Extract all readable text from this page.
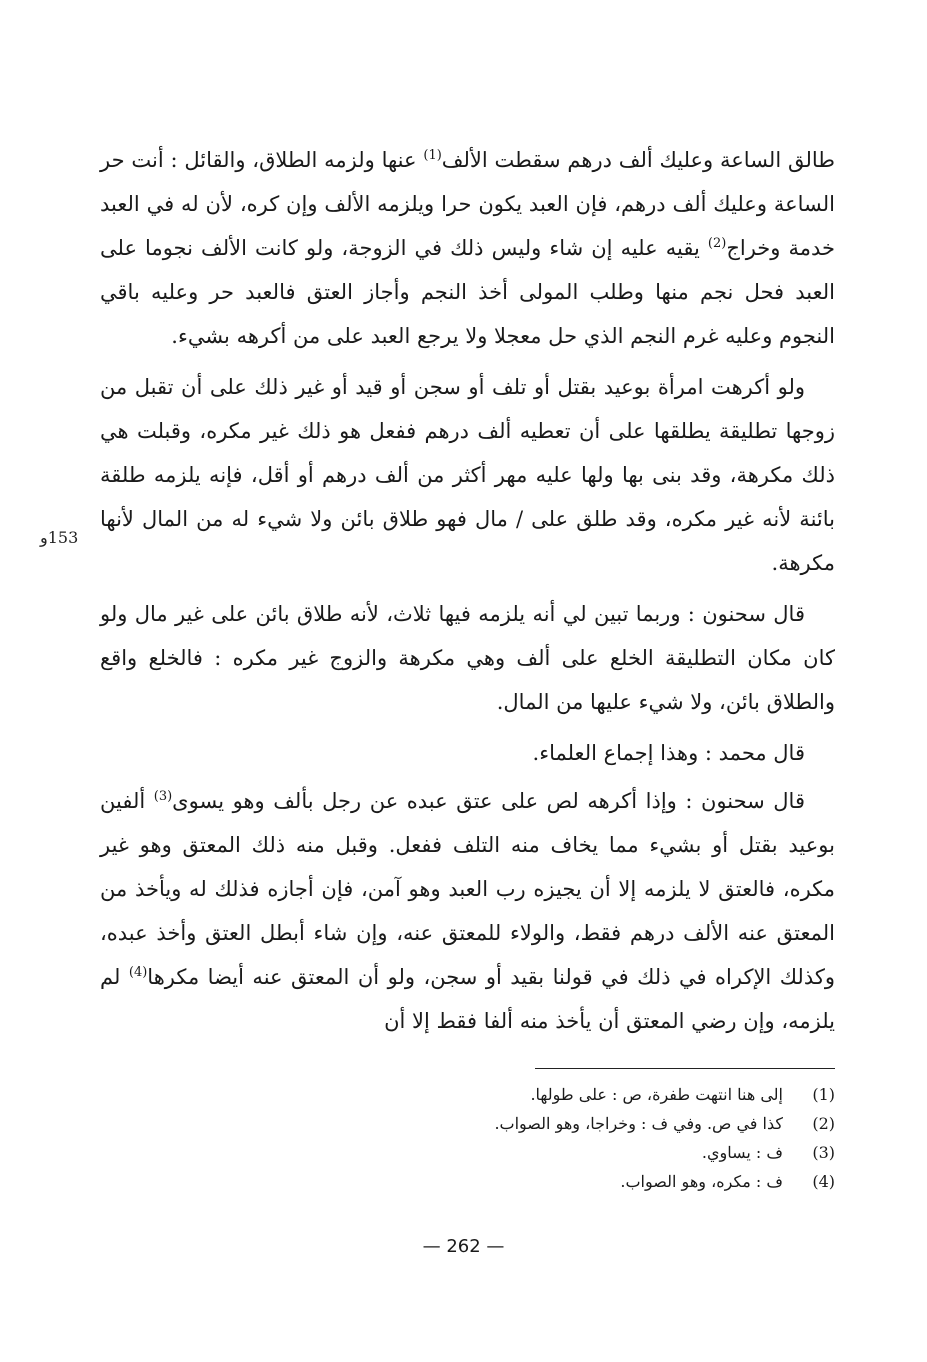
طالق الساعة وعليك ألف درهم سقطت الألف$^{(1)}$ عنها ولزمه الطلاق، والقائل : أنت حر الساعة وعليك ألف درهم، فإن العبد يكون حرا ويلزمه الألف وإن كره، لأن له في العبد خدمة وخراج$^{(2)}$ يقيه عليه إن شاء وليس ذلك في الزوجة، ولو كانت الألف نجوما على العبد فحل نجم منها وطلب المولى أخذ النجم وأجاز العتق فالعبد حر وعليه باقي النجوم وعليه غرم النجم الذي حل معجلا ولا يرجع العبد على من أكرهه بشيء.

ولو أكرهت امرأة بوعيد بقتل أو تلف أو سجن أو قيد أو غير ذلك على أن تقبل من زوجها تطليقة يطلقها على أن تعطيه ألف درهم ففعل هو ذلك غير مكره، وقبلت هي ذلك مكرهة، وقد بنى بها ولها عليه مهر أكثر من ألف درهم أو أقل، فإنه يلزمه طلقة بائنة لأنه غير مكره، وقد طلق على / مال فهو طلاق بائن ولا شيء له من المال لأنها مكرهة.

قال سحنون : وربما تبين لي أنه يلزمه فيها ثلاث، لأنه طلاق بائن على غير مال ولو كان مكان التطليقة الخلع على ألف وهي مكرهة والزوج غير مكره : فالخلع واقع والطلاق بائن، ولا شيء عليها من المال.

قال محمد : وهذا إجماع العلماء.

قال سحنون : وإذا أكرهه لص على عتق عبده عن رجل بألف وهو يسوى$^{(3)}$ ألفين بوعيد بقتل أو بشيء مما يخاف منه التلف ففعل. وقبل منه ذلك المعتق وهو غير مكره، فالعتق لا يلزمه إلا أن يجيزه رب العبد وهو آمن، فإن أجازه فذلك له ويأخذ من المعتق عنه الألف درهم فقط، والولاء للمعتق عنه، وإن شاء أبطل العتق وأخذ عبده، وكذلك الإكراه في ذلك في قولنا بقيد أو سجن، ولو أن المعتق عنه أيضا مكرها$^{(4)}$ لم يلزمه، وإن رضي المعتق أن يأخذ منه ألفا فقط إلا أن

153و
(1)
إلى هنا انتهت طفرة، ص : على طولها.
(2)
كذا في ص. وفي ف : وخراجا، وهو الصواب.
(3)
ف : يساوي.
(4)
ف : مكره، وهو الصواب.
— 262 —
